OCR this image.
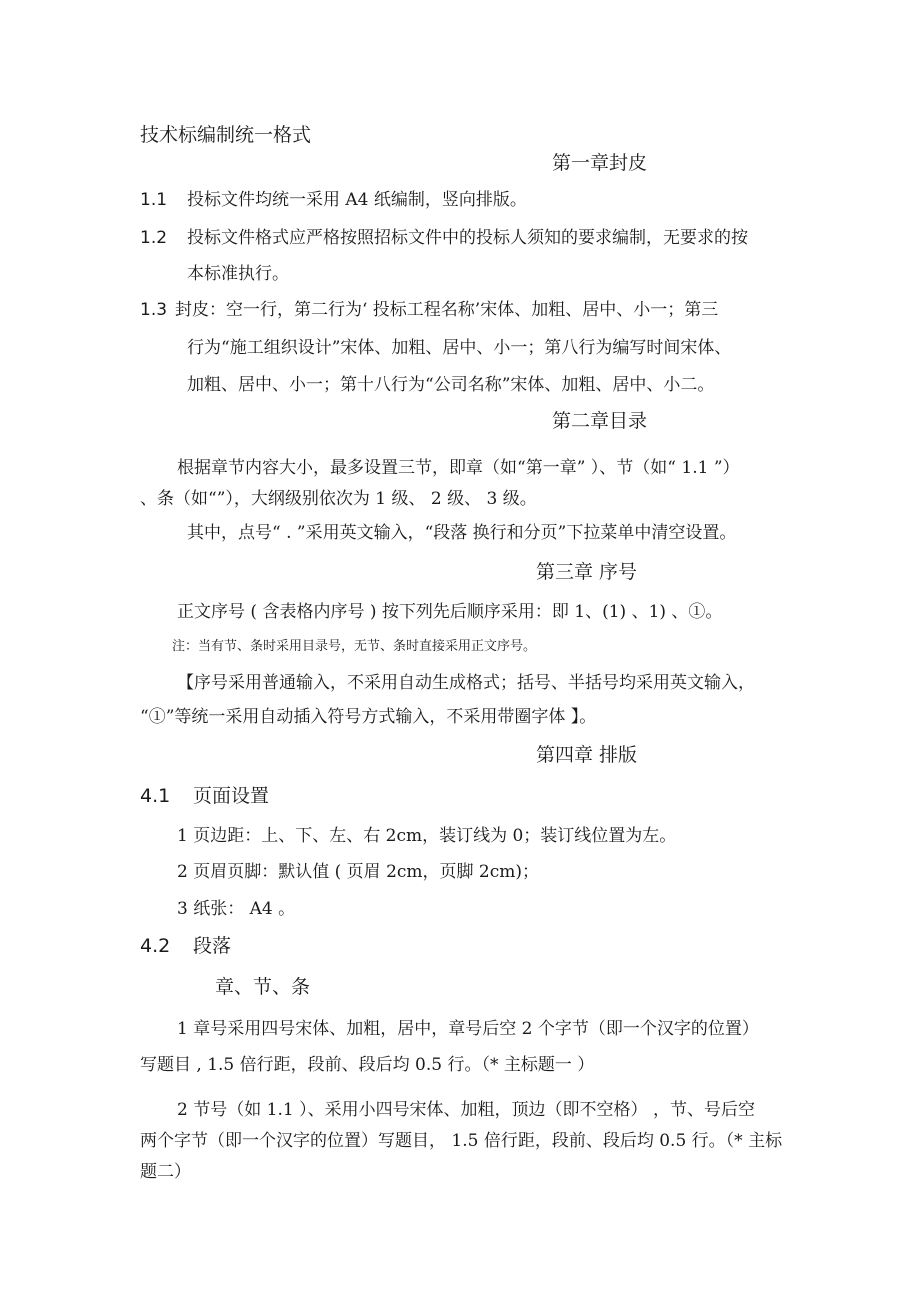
技术标编制统一格式
第一章封皮
1.1 投标文件均统一采用 A4 纸编制，竖向排版。
1.2 投标文件格式应严格按照招标文件中的投标人须知的要求编制，无要求的按
本标准执行。
1.3 封皮：空一行，第二行为‘ 投标工程名称’宋体、加粗、居中、小一；第三
行为“施工组织设计”宋体、加粗、居中、小一；第八行为编写时间宋体、
加粗、居中、小一；第十八行为“公司名称”宋体、加粗、居中、小二。
第二章目录
根据章节内容大小，最多设置三节，即章（如“第一章” ）、节（如“ 1.1 ”）
、条（如“”），大纲级别依次为 1 级、 2 级、 3 级。
其中，点号“ . ”采用英文输入，“段落 换行和分页”下拉菜单中清空设置。
第三章 序号
正文序号 ( 含表格内序号 ) 按下列先后顺序采用：即 1、(1) 、1) 、①。
注：当有节、条时采用目录号，无节、条时直接采用正文序号。
【序号采用普通输入，不采用自动生成格式；括号、半括号均采用英文输入，
“①”等统一采用自动插入符号方式输入，不采用带圈字体 】。
第四章 排版
4.1 页面设置
1 页边距：上、下、左、右 2cm，装订线为 0；装订线位置为左。
2 页眉页脚：默认值 ( 页眉 2cm，页脚 2cm)；
3 纸张： A4 。
4.2 段落
章、节、条
1 章号采用四号宋体、加粗，居中，章号后空 2 个字节（即一个汉字的位置）
写题目 , 1.5 倍行距，段前、段后均 0.5 行。（* 主标题一 ）
2 节号（如 1.1 ）、采用小四号宋体、加粗，顶边（即不空格） ，节、号后空
两个字节（即一个汉字的位置）写题目， 1.5 倍行距，段前、段后均 0.5 行。（* 主标
题二）
